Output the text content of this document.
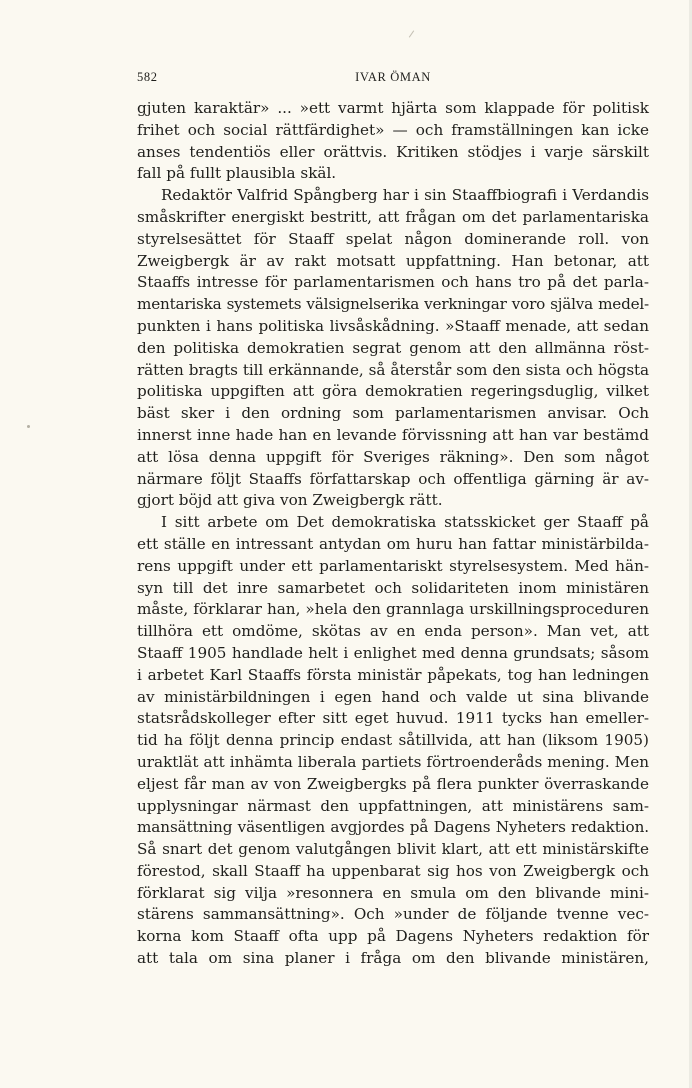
582	IVAR ÖMAN
gjuten karaktär» ... »ett varmt hjärta som klappade för politisk
frihet och social rättfärdighet» — och framställningen kan icke
anses tendentiös eller orättvis. Kritiken stödjes i varje särskilt
fall på fullt plausibla skäl.
Redaktör Valfrid Spångberg har i sin Staaffbiografi i Verdandis
småskrifter energiskt bestritt, att frågan om det parlamentariska
styrelsesättet för Staaff spelat någon dominerande roll. von
Zweigbergk är av rakt motsatt uppfattning. Han betonar, att
Staaffs intresse för parlamentarismen och hans tro på det parla-
mentariska systemets välsignelserika verkningar voro själva medel-
punkten i hans politiska livsåskådning. »Staaff menade, att sedan
den politiska demokratien segrat genom att den allmänna röst-
rätten bragts till erkännande, så återstår som den sista och högsta
politiska uppgiften att göra demokratien regeringsduglig, vilket
bäst sker i den ordning som parlamentarismen anvisar. Och
innerst inne hade han en levande förvissning att han var bestämd
att lösa denna uppgift för Sveriges räkning». Den som något
närmare följt Staaffs författarskap och offentliga gärning är av-
gjort böjd att giva von Zweigbergk rätt.
I sitt arbete om Det demokratiska statsskicket ger Staaff på
ett ställe en intressant antydan om huru han fattar ministärbilda-
rens uppgift under ett parlamentariskt styrelsesystem. Med hän-
syn till det inre samarbetet och solidariteten inom ministären
måste, förklarar han, »hela den grannlaga urskillningsproceduren
tillhöra ett omdöme, skötas av en enda person». Man vet, att
Staaff 1905 handlade helt i enlighet med denna grundsats; såsom
i arbetet Karl Staaffs första ministär påpekats, tog han ledningen
av ministärbildningen i egen hand och valde ut sina blivande
statsrådskolleger efter sitt eget huvud. 1911 tycks han emeller-
tid ha följt denna princip endast såtillvida, att han (liksom 1905)
uraktlät att inhämta liberala partiets förtroenderåds mening. Men
eljest får man av von Zweigbergks på flera punkter överraskande
upplysningar närmast den uppfattningen, att ministärens sam-
mansättning väsentligen avgjordes på Dagens Nyheters redaktion.
Så snart det genom valutgången blivit klart, att ett ministärskifte
förestod, skall Staaff ha uppenbarat sig hos von Zweigbergk och
förklarat sig vilja »resonnera en smula om den blivande mini-
stärens sammansättning». Och »under de följande tvenne vec-
korna kom Staaff ofta upp på Dagens Nyheters redaktion för
att tala om sina planer i fråga om den blivande ministären,
